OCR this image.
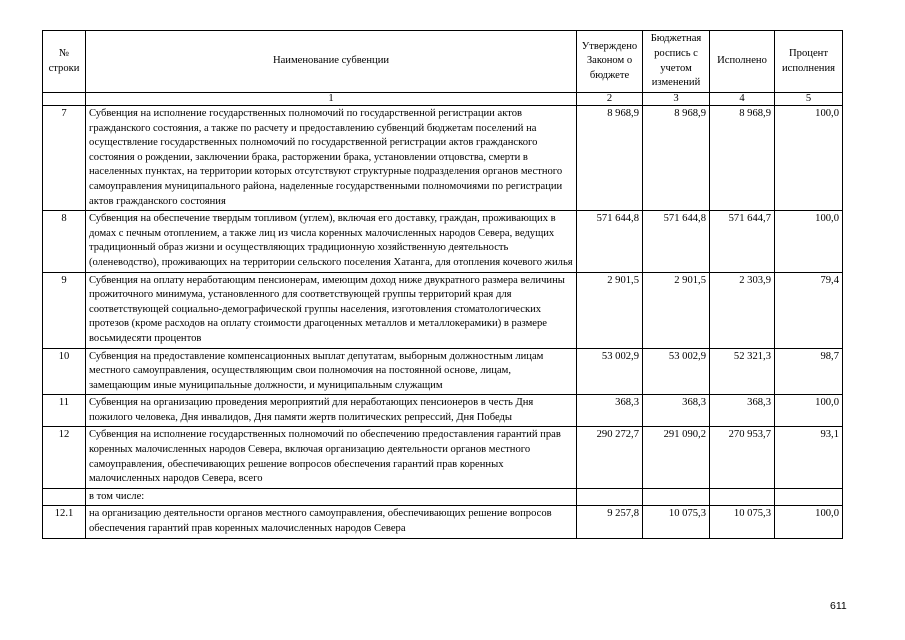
№ строки	Наименование субвенции	Утверждено Законом о бюджете	Бюджетная роспись с учетом изменений	Исполнено	Процент исполнения
	1	2	3	4	5
7	Субвенция на исполнение государственных полномочий по государственной регистрации актов гражданского состояния, а также по расчету и предоставлению субвенций бюджетам поселений на осуществление государственных полномочий по государственной регистрации актов гражданского состояния о рождении, заключении брака, расторжении брака, установлении отцовства, смерти в населенных пунктах, на территории которых отсутствуют структурные подразделения органов местного самоуправления муниципального района, наделенные государственными полномочиями по регистрации актов гражданского состояния	8 968,9	8 968,9	8 968,9	100,0
8	Субвенция на обеспечение твердым топливом (углем), включая его доставку, граждан, проживающих в домах с печным отоплением, а также лиц из числа коренных малочисленных народов Севера, ведущих традиционный образ жизни и осуществляющих традиционную хозяйственную деятельность (оленеводство), проживающих на территории сельского поселения Хатанга, для отопления кочевого жилья	571 644,8	571 644,8	571 644,7	100,0
9	Субвенция на оплату неработающим пенсионерам, имеющим доход ниже двукратного размера величины прожиточного минимума, установленного для соответствующей группы территорий края для соответствующей социально-демографической группы населения, изготовления стоматологических протезов (кроме расходов на оплату стоимости драгоценных металлов и металлокерамики) в размере восьмидесяти процентов	2 901,5	2 901,5	2 303,9	79,4
10	Субвенция на предоставление компенсационных выплат депутатам, выборным должностным лицам местного самоуправления, осуществляющим свои полномочия на постоянной основе, лицам, замещающим иные муниципальные должности, и муниципальным служащим	53 002,9	53 002,9	52 321,3	98,7
11	Субвенция на организацию проведения мероприятий для неработающих пенсионеров в честь Дня пожилого человека, Дня инвалидов, Дня памяти жертв политических репрессий, Дня Победы	368,3	368,3	368,3	100,0
12	Субвенция на исполнение государственных полномочий по обеспечению предоставления гарантий прав коренных малочисленных народов Севера, включая организацию деятельности органов местного самоуправления, обеспечивающих решение вопросов обеспечения гарантий прав коренных малочисленных народов Севера, всего	290 272,7	291 090,2	270 953,7	93,1
	в том числе:				
12.1	на организацию деятельности органов местного самоуправления, обеспечивающих решение вопросов обеспечения гарантий прав коренных малочисленных народов Севера	9 257,8	10 075,3	10 075,3	100,0
611
